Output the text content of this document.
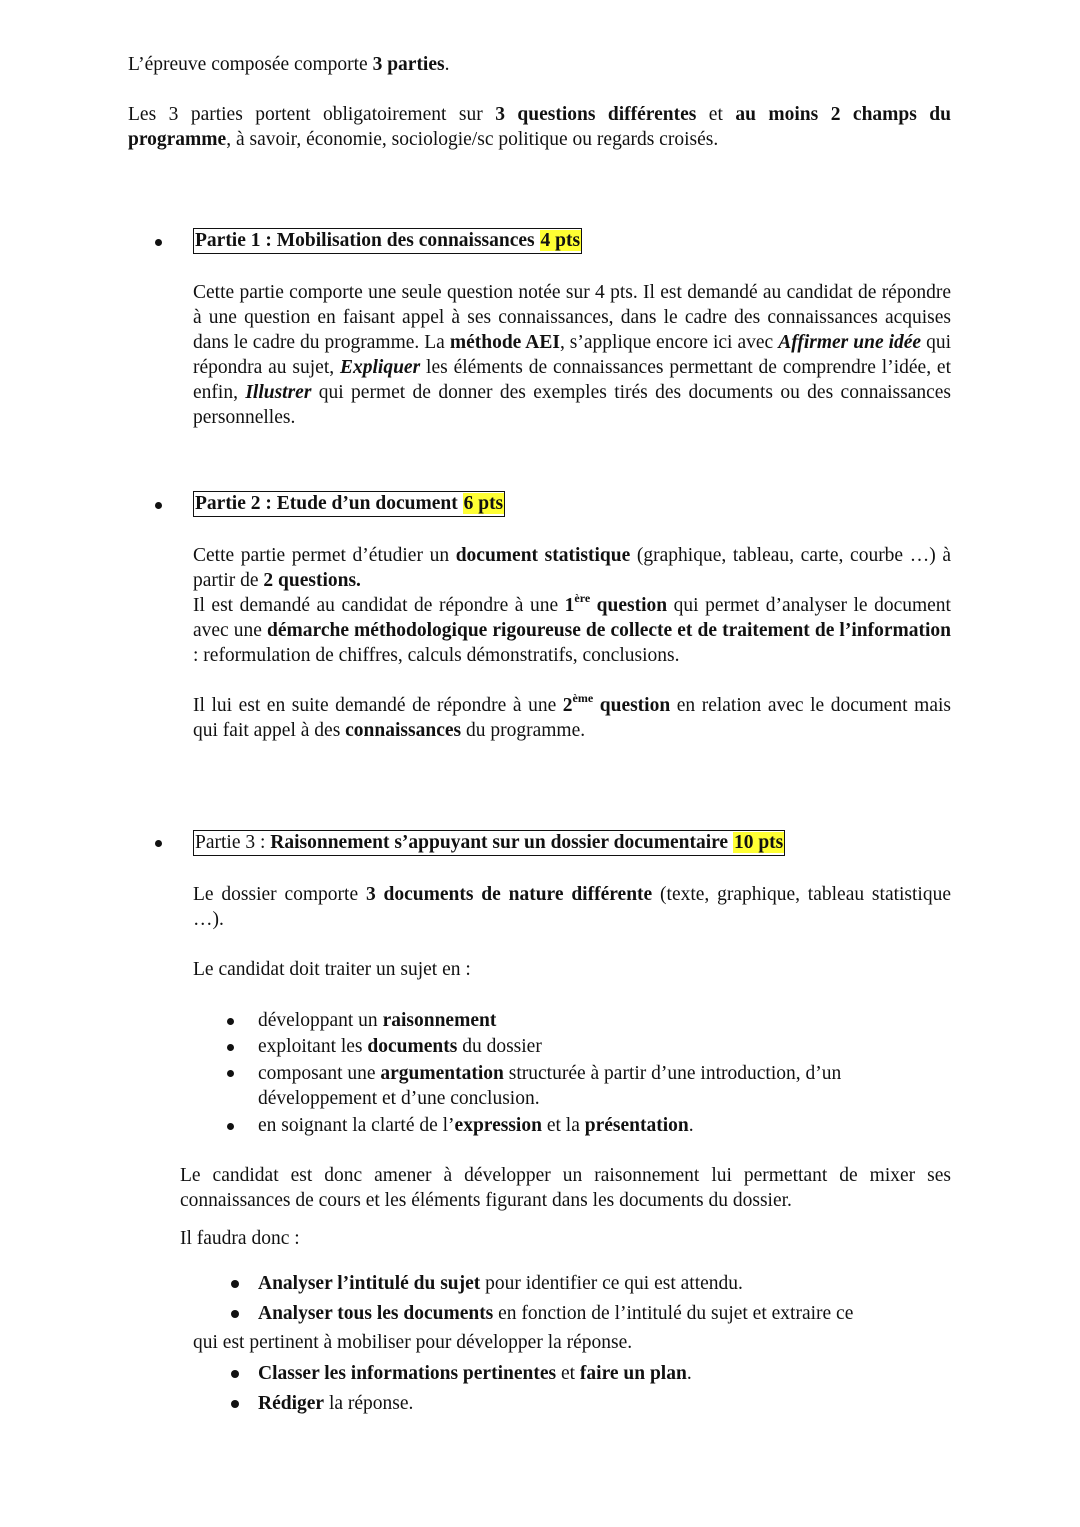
L’épreuve composée comporte 3 parties.

Les 3 parties portent obligatoirement sur 3 questions différentes et au moins 2 champs du programme, à savoir, économie, sociologie/sc politique ou regards croisés.

Partie 1 : Mobilisation des connaissances 4 pts

Cette partie comporte une seule question notée sur 4 pts. Il est demandé au candidat de répondre à une question en faisant appel à ses connaissances, dans le cadre des connaissances acquises dans le cadre du programme. La méthode AEI, s’applique encore ici avec Affirmer une idée qui répondra au sujet, Expliquer les éléments de connaissances permettant de comprendre l’idée, et enfin, Illustrer qui permet de donner des exemples tirés des documents ou des connaissances personnelles.

Partie 2 : Etude d’un document 6 pts

Cette partie permet d’étudier un document statistique (graphique, tableau, carte, courbe …) à partir de 2 questions.

Il est demandé au candidat de répondre à une 1ère question qui permet d’analyser le document avec une démarche méthodologique rigoureuse de collecte et de traitement de l’information : reformulation de chiffres, calculs démonstratifs, conclusions.

Il lui est en suite demandé de répondre à une 2ème question en relation avec le document mais qui fait appel à des connaissances du programme.

Partie 3 : Raisonnement s’appuyant sur un dossier documentaire 10 pts

Le dossier comporte 3 documents de nature différente (texte, graphique, tableau statistique …).

Le candidat doit traiter un sujet en :

développant un raisonnement

exploitant les documents du dossier

composant une argumentation structurée à partir d’une introduction, d’un développement et d’une conclusion.

en soignant la clarté de l’expression et la présentation.

Le candidat est donc amener à développer un raisonnement lui permettant de mixer ses connaissances de cours et les éléments figurant dans les documents du dossier.

Il faudra donc :

Analyser l’intitulé du sujet pour identifier ce qui est attendu.

Analyser tous les documents en fonction de l’intitulé du sujet et extraire ce

qui est pertinent à mobiliser pour développer la réponse.

Classer les informations pertinentes et faire un plan.

Rédiger la réponse.
